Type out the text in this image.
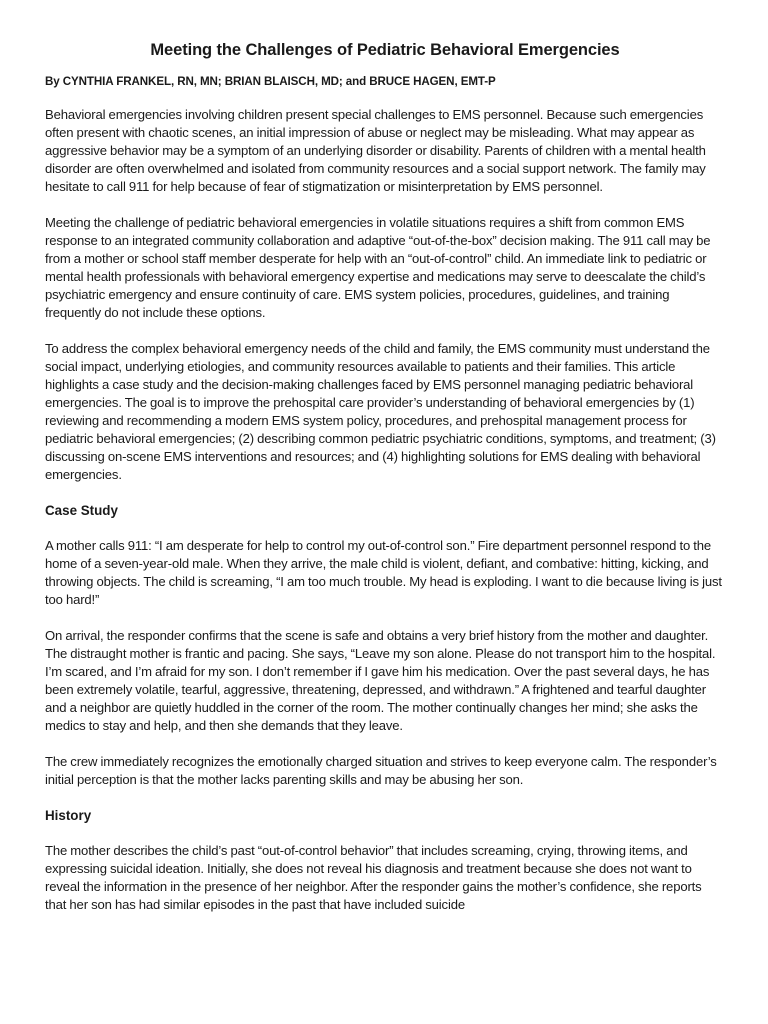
Meeting the Challenges of Pediatric Behavioral Emergencies
By CYNTHIA FRANKEL, RN, MN; BRIAN BLAISCH, MD; and BRUCE HAGEN, EMT-P

Behavioral emergencies involving children present special challenges to EMS personnel. Because such emergencies often present with chaotic scenes, an initial impression of abuse or neglect may be misleading. What may appear as aggressive behavior may be a symptom of an underlying disorder or disability. Parents of children with a mental health disorder are often overwhelmed and isolated from community resources and a social support network. The family may hesitate to call 911 for help because of fear of stigmatization or misinterpretation by EMS personnel.

Meeting the challenge of pediatric behavioral emergencies in volatile situations requires a shift from common EMS response to an integrated community collaboration and adaptive “out-of-the-box” decision making. The 911 call may be from a mother or school staff member desperate for help with an “out-of-control” child. An immediate link to pediatric or mental health professionals with behavioral emergency expertise and medications may serve to deescalate the child’s psychiatric emergency and ensure continuity of care. EMS system policies, procedures, guidelines, and training frequently do not include these options.

To address the complex behavioral emergency needs of the child and family, the EMS community must understand the social impact, underlying etiologies, and community resources available to patients and their families. This article highlights a case study and the decision-making challenges faced by EMS personnel managing pediatric behavioral emergencies. The goal is to improve the prehospital care provider’s understanding of behavioral emergencies by (1) reviewing and recommending a modern EMS system policy, procedures, and prehospital management process for pediatric behavioral emergencies; (2) describing common pediatric psychiatric conditions, symptoms, and treatment; (3) discussing on-scene EMS interventions and resources; and (4) highlighting solutions for EMS dealing with behavioral emergencies.

Case Study

A mother calls 911: “I am desperate for help to control my out-of-control son.” Fire department personnel respond to the home of a seven-year-old male. When they arrive, the male child is violent, defiant, and combative: hitting, kicking, and throwing objects. The child is screaming, “I am too much trouble. My head is exploding. I want to die because living is just too hard!”

On arrival, the responder confirms that the scene is safe and obtains a very brief history from the mother and daughter. The distraught mother is frantic and pacing. She says, “Leave my son alone. Please do not transport him to the hospital. I’m scared, and I’m afraid for my son. I don’t remember if I gave him his medication. Over the past several days, he has been extremely volatile, tearful, aggressive, threatening, depressed, and withdrawn.” A frightened and tearful daughter and a neighbor are quietly huddled in the corner of the room. The mother continually changes her mind; she asks the medics to stay and help, and then she demands that they leave.

The crew immediately recognizes the emotionally charged situation and strives to keep everyone calm. The responder’s initial perception is that the mother lacks parenting skills and may be abusing her son.

History

The mother describes the child’s past “out-of-control behavior” that includes screaming, crying, throwing items, and expressing suicidal ideation. Initially, she does not reveal his diagnosis and treatment because she does not want to reveal the information in the presence of her neighbor. After the responder gains the mother’s confidence, she reports that her son has had similar episodes in the past that have included suicide
